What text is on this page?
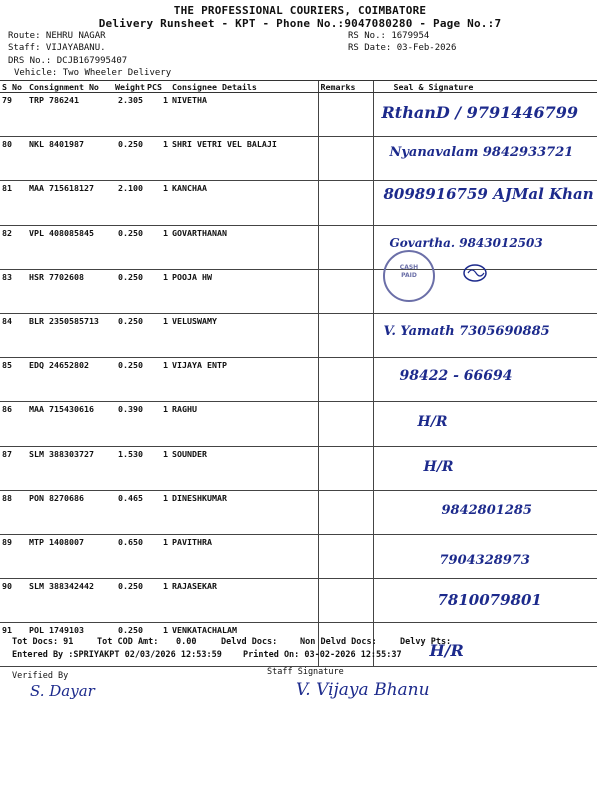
THE PROFESSIONAL COURIERS, COIMBATORE
Delivery Runsheet - KPT - Phone No.:9047080280 - Page No.:7
Route: NEHRU NAGAR
Staff: VIJAYABANU.
DRS No.: DCJB167995407
Vehicle: Two Wheeler Delivery
RS No.: 1679954
RS Date: 03-Feb-2026
S No	Consignment No	Weight	PCS	Consignee Details	Remarks	Seal & Signature
79	TRP 786241	2.305	1	NIVETHA		RthanD / 9791446799

80	NKL 8401987	0.250	1	SHRI VETRI VEL BALAJI		Nyanavalam 9842933721

81	MAA 715618127	2.100	1	KANCHAA		8098916759 AJMal Khan

82	VPL 408085845	0.250	1	GOVARTHANAN		Govartha. 9843012503

83	HSR 7702608	0.250	1	POOJA HW		

84	BLR 2350585713	0.250	1	VELUSWAMY		V. Yamath 7305690885

85	EDQ 24652802	0.250	1	VIJAYA ENTP		98422 - 66694

86	MAA 715430616	0.390	1	RAGHU		H/R

87	SLM 388303727	1.530	1	SOUNDER		H/R

88	PON 8270686	0.465	1	DINESHKUMAR		9842801285

89	MTP 1408007	0.650	1	PAVITHRA		7904328973

90	SLM 388342442	0.250	1	RAJASEKAR		7810079801

91	POL 1749103	0.250	1	VENKATACHALAM		H/R
CASH
PAID
Tot Docs: 91	Tot COD Amt: 0.00	Delvd Docs:	Non Delvd Docs:	Delvy Pts:
Entered By :SPRIYAKPT 02/03/2026 12:53:59 Printed On: 03-02-2026 12:55:37
Verified By	Staff Signature
S. Dayar	V. Vijaya Bhanu
